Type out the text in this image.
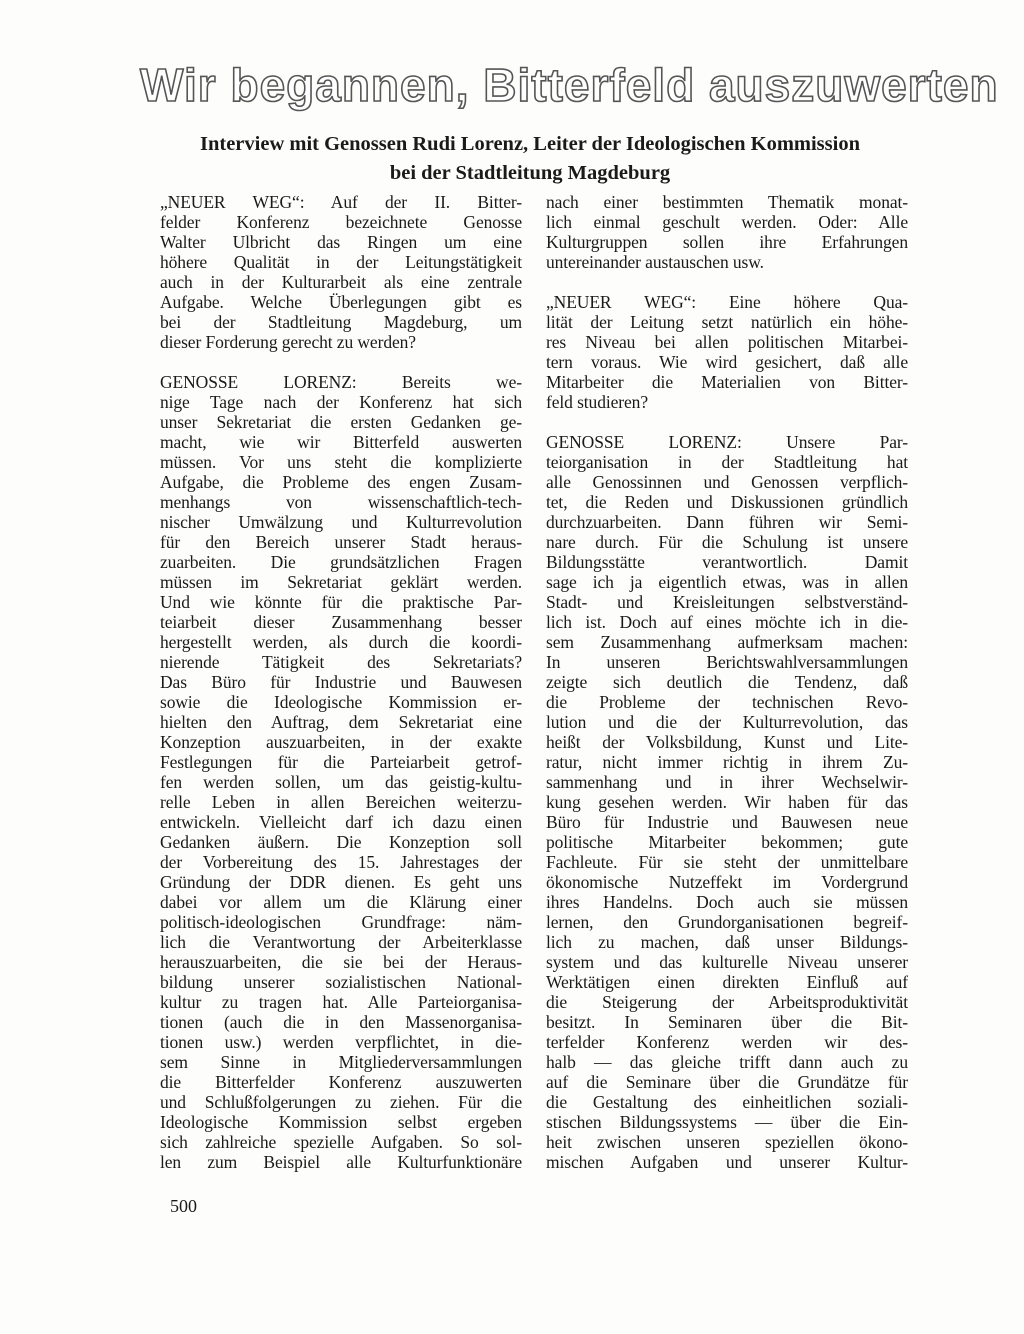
Wir begannen, Bitterfeld auszuwerten
Interview mit Genossen Rudi Lorenz, Leiter der Ideologischen Kommission
bei der Stadtleitung Magdeburg
„NEUER WEG“: Auf der II. Bitter-
felder Konferenz bezeichnete Genosse
Walter Ulbricht das Ringen um eine
höhere Qualität in der Leitungstätigkeit
auch in der Kulturarbeit als eine zentrale
Aufgabe. Welche Überlegungen gibt es
bei der Stadtleitung Magdeburg, um
dieser Forderung gerecht zu werden?
GENOSSE LORENZ: Bereits we-
nige Tage nach der Konferenz hat sich
unser Sekretariat die ersten Gedanken ge-
macht, wie wir Bitterfeld auswerten
müssen. Vor uns steht die komplizierte
Aufgabe, die Probleme des engen Zusam-
menhangs von wissenschaftlich-tech-
nischer Umwälzung und Kulturrevolution
für den Bereich unserer Stadt heraus-
zuarbeiten. Die grundsätzlichen Fragen
müssen im Sekretariat geklärt werden.
Und wie könnte für die praktische Par-
teiarbeit dieser Zusammenhang besser
hergestellt werden, als durch die koordi-
nierende Tätigkeit des Sekretariats?
Das Büro für Industrie und Bauwesen
sowie die Ideologische Kommission er-
hielten den Auftrag, dem Sekretariat eine
Konzeption auszuarbeiten, in der exakte
Festlegungen für die Parteiarbeit getrof-
fen werden sollen, um das geistig-kultu-
relle Leben in allen Bereichen weiterzu-
entwickeln. Vielleicht darf ich dazu einen
Gedanken äußern. Die Konzeption soll
der Vorbereitung des 15. Jahrestages der
Gründung der DDR dienen. Es geht uns
dabei vor allem um die Klärung einer
politisch-ideologischen Grundfrage: näm-
lich die Verantwortung der Arbeiterklasse
herauszuarbeiten, die sie bei der Heraus-
bildung unserer sozialistischen National-
kultur zu tragen hat. Alle Parteiorganisa-
tionen (auch die in den Massenorganisa-
tionen usw.) werden verpflichtet, in die-
sem Sinne in Mitgliederversammlungen
die Bitterfelder Konferenz auszuwerten
und Schlußfolgerungen zu ziehen. Für die
Ideologische Kommission selbst ergeben
sich zahlreiche spezielle Aufgaben. So sol-
len zum Beispiel alle Kulturfunktionäre
nach einer bestimmten Thematik monat-
lich einmal geschult werden. Oder: Alle
Kulturgruppen sollen ihre Erfahrungen
untereinander austauschen usw.
„NEUER WEG“: Eine höhere Qua-
lität der Leitung setzt natürlich ein höhe-
res Niveau bei allen politischen Mitarbei-
tern voraus. Wie wird gesichert, daß alle
Mitarbeiter die Materialien von Bitter-
feld studieren?
GENOSSE LORENZ: Unsere Par-
teiorganisation in der Stadtleitung hat
alle Genossinnen und Genossen verpflich-
tet, die Reden und Diskussionen gründlich
durchzuarbeiten. Dann führen wir Semi-
nare durch. Für die Schulung ist unsere
Bildungsstätte verantwortlich. Damit
sage ich ja eigentlich etwas, was in allen
Stadt- und Kreisleitungen selbstverständ-
lich ist. Doch auf eines möchte ich in die-
sem Zusammenhang aufmerksam machen:
In unseren Berichtswahlversammlungen
zeigte sich deutlich die Tendenz, daß
die Probleme der technischen Revo-
lution und die der Kulturrevolution, das
heißt der Volksbildung, Kunst und Lite-
ratur, nicht immer richtig in ihrem Zu-
sammenhang und in ihrer Wechselwir-
kung gesehen werden. Wir haben für das
Büro für Industrie und Bauwesen neue
politische Mitarbeiter bekommen; gute
Fachleute. Für sie steht der unmittelbare
ökonomische Nutzeffekt im Vordergrund
ihres Handelns. Doch auch sie müssen
lernen, den Grundorganisationen begreif-
lich zu machen, daß unser Bildungs-
system und das kulturelle Niveau unserer
Werktätigen einen direkten Einfluß auf
die Steigerung der Arbeitsproduktivität
besitzt. In Seminaren über die Bit-
terfelder Konferenz werden wir des-
halb — das gleiche trifft dann auch zu
auf die Seminare über die Grundätze für
die Gestaltung des einheitlichen soziali-
stischen Bildungssystems — über die Ein-
heit zwischen unseren speziellen ökono-
mischen Aufgaben und unserer Kultur-
500
